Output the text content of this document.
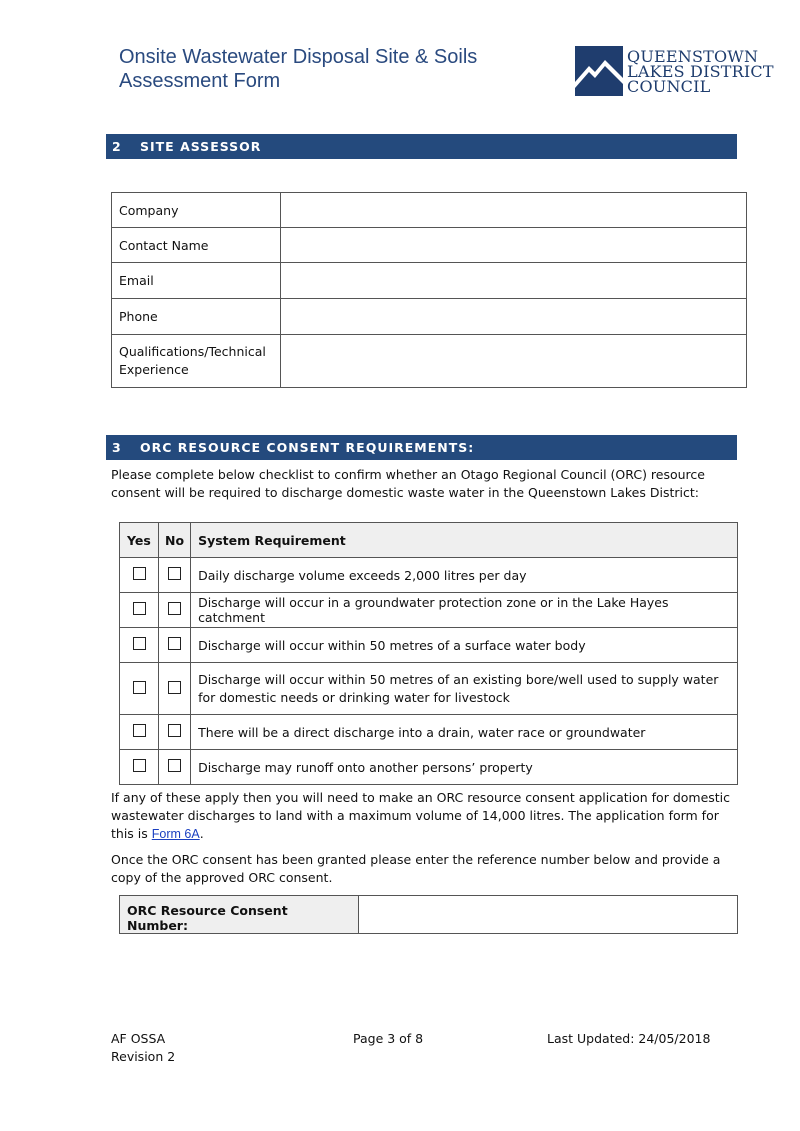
Onsite Wastewater Disposal Site & Soils
Assessment Form
QUEENSTOWN
LAKES DISTRICT
COUNCIL
2 SITE ASSESSOR
Company	
Contact Name	
Email	
Phone	
Qualifications/Technical Experience	
3 ORC RESOURCE CONSENT REQUIREMENTS:
Please complete below checklist to confirm whether an Otago Regional Council (ORC) resource consent will be required to discharge domestic waste water in the Queenstown Lakes District:
Yes	No	System Requirement
		Daily discharge volume exceeds 2,000 litres per day
		Discharge will occur in a groundwater protection zone or in the Lake Hayes catchment
		Discharge will occur within 50 metres of a surface water body
		Discharge will occur within 50 metres of an existing bore/well used to supply water for domestic needs or drinking water for livestock
		There will be a direct discharge into a drain, water race or groundwater
		Discharge may runoff onto another persons’ property
If any of these apply then you will need to make an ORC resource consent application for domestic wastewater discharges to land with a maximum volume of 14,000 litres. The application form for this is Form 6A.
Once the ORC consent has been granted please enter the reference number below and provide a copy of the approved ORC consent.
ORC Resource Consent Number:	
AF OSSA
Revision 2
Page 3 of 8	Last Updated: 24/05/2018
